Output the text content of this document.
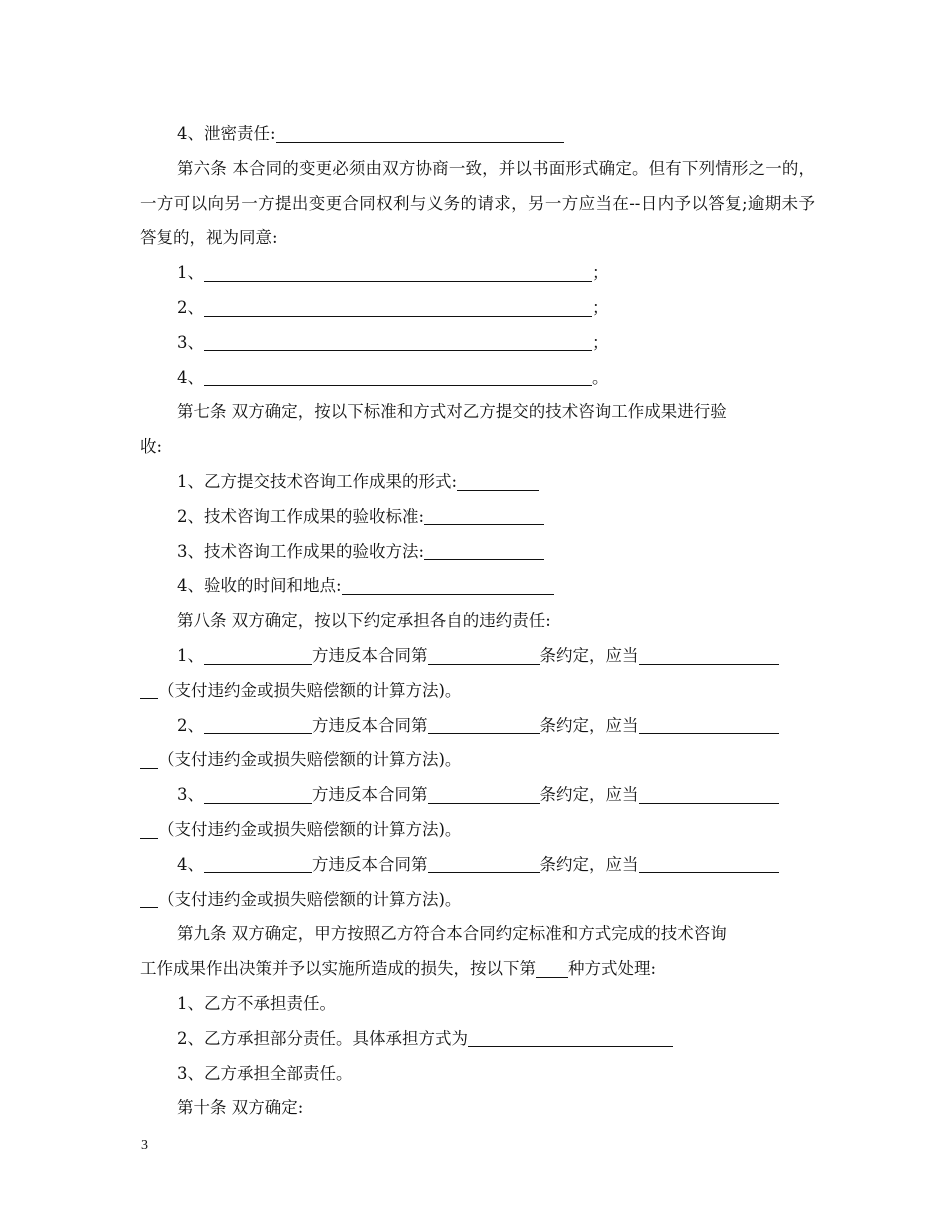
4、泄密责任:

第六条 本合同的变更必须由双方协商一致，并以书面形式确定。但有下列情形之一的，一方可以向另一方提出变更合同权利与义务的请求，另一方应当在--日内予以答复;逾期未予答复的，视为同意:

1、	；

2、	；

3、	；

4、	。

第七条 双方确定，按以下标准和方式对乙方提交的技术咨询工作成果进行验

收:

1、乙方提交技术咨询工作成果的形式:

2、技术咨询工作成果的验收标准:

3、技术咨询工作成果的验收方法:

4、验收的时间和地点:

第八条 双方确定，按以下约定承担各自的违约责任:

1、	方违反本合同第	条约定，应当

（支付违约金或损失赔偿额的计算方法)。

2、	方违反本合同第	条约定，应当

（支付违约金或损失赔偿额的计算方法)。

3、	方违反本合同第	条约定，应当

（支付违约金或损失赔偿额的计算方法)。

4、	方违反本合同第	条约定，应当

（支付违约金或损失赔偿额的计算方法)。

第九条 双方确定，甲方按照乙方符合本合同约定标准和方式完成的技术咨询

工作成果作出决策并予以实施所造成的损失，按以下第 种方式处理:

1、乙方不承担责任。

2、乙方承担部分责任。具体承担方式为

3、乙方承担全部责任。

第十条 双方确定:

3
